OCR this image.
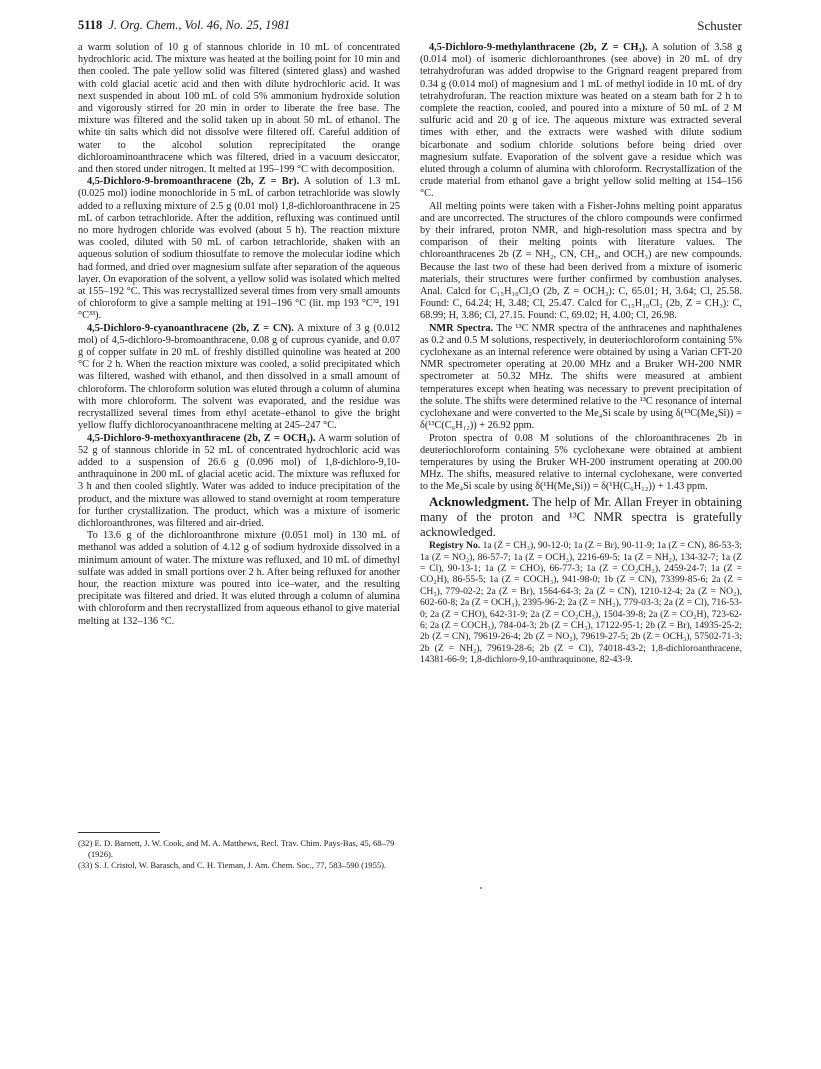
5118 J. Org. Chem., Vol. 46, No. 25, 1981	Schuster

a warm solution of 10 g of stannous chloride in 10 mL of concentrated hydrochloric acid. The mixture was heated at the boiling point for 10 min and then cooled. The pale yellow solid was filtered (sintered glass) and washed with cold glacial acetic acid and then with dilute hydrochloric acid. It was next suspended in about 100 mL of cold 5% ammonium hydroxide solution and vigorously stirred for 20 min in order to liberate the free base. The mixture was filtered and the solid taken up in about 50 mL of ethanol. The white tin salts which did not dissolve were filtered off. Careful addition of water to the alcohol solution reprecipitated the orange dichloroaminoanthracene which was filtered, dried in a vacuum desiccator, and then stored under nitrogen. It melted at 195–199 °C with decomposition.

4,5-Dichloro-9-bromoanthracene (2b, Z = Br). A solution of 1.3 mL (0.025 mol) iodine monochloride in 5 mL of carbon tetrachloride was slowly added to a refluxing mixture of 2.5 g (0.01 mol) 1,8-dichloroanthracene in 25 mL of carbon tetrachloride. After the addition, refluxing was continued until no more hydrogen chloride was evolved (about 5 h). The reaction mixture was cooled, diluted with 50 mL of carbon tetrachloride, shaken with an aqueous solution of sodium thiosulfate to remove the molecular iodine which had formed, and dried over magnesium sulfate after separation of the aqueous layer. On evaporation of the solvent, a yellow solid was isolated which melted at 155–192 °C. This was recrystallized several times from very small amounts of chloroform to give a sample melting at 191–196 °C (lit. mp 193 °C³², 191 °C³³).

4,5-Dichloro-9-cyanoanthracene (2b, Z = CN). A mixture of 3 g (0.012 mol) of 4,5-dichloro-9-bromoanthracene, 0.08 g of cuprous cyanide, and 0.07 g of copper sulfate in 20 mL of freshly distilled quinoline was heated at 200 °C for 2 h. When the reaction mixture was cooled, a solid precipitated which was filtered, washed with ethanol, and then dissolved in a small amount of chloroform. The chloroform solution was eluted through a column of alumina with more chloroform. The solvent was evaporated, and the residue was recrystallized several times from ethyl acetate–ethanol to give the bright yellow fluffy dichlorocyanoanthracene melting at 245–247 °C.

4,5-Dichloro-9-methoxyanthracene (2b, Z = OCH₃). A warm solution of 52 g of stannous chloride in 52 mL of concentrated hydrochloric acid was added to a suspension of 26.6 g (0.096 mol) of 1,8-dichloro-9,10-anthraquinone in 200 mL of glacial acetic acid. The mixture was refluxed for 3 h and then cooled slightly. Water was added to induce precipitation of the product, and the mixture was allowed to stand overnight at room temperature for further crystallization. The product, which was a mixture of isomeric dichloroanthrones, was filtered and air-dried.

To 13.6 g of the dichloroanthrone mixture (0.051 mol) in 130 mL of methanol was added a solution of 4.12 g of sodium hydroxide dissolved in a minimum amount of water. The mixture was refluxed, and 10 mL of dimethyl sulfate was added in small portions over 2 h. After being refluxed for another hour, the reaction mixture was poured into ice–water, and the resulting precipitate was filtered and dried. It was eluted through a column of alumina with chloroform and then recrystallized from aqueous ethanol to give material melting at 132–136 °C.

(32) E. D. Barnett, J. W. Cook, and M. A. Matthews, Recl. Trav. Chim. Pays-Bas, 45, 68–79 (1926).

(33) S. J. Cristol, W. Barasch, and C. H. Tieman, J. Am. Chem. Soc., 77, 583–590 (1955).

4,5-Dichloro-9-methylanthracene (2b, Z = CH₃). A solution of 3.58 g (0.014 mol) of isomeric dichloroanthrones (see above) in 20 mL of dry tetrahydrofuran was added dropwise to the Grignard reagent prepared from 0.34 g (0.014 mol) of magnesium and 1 mL of methyl iodide in 10 mL of dry tetrahydrofuran. The reaction mixture was heated on a steam bath for 2 h to complete the reaction, cooled, and poured into a mixture of 50 mL of 2 M sulfuric acid and 20 g of ice. The aqueous mixture was extracted several times with ether, and the extracts were washed with dilute sodium bicarbonate and sodium chloride solutions before being dried over magnesium sulfate. Evaporation of the solvent gave a residue which was eluted through a column of alumina with chloroform. Recrystallization of the crude material from ethanol gave a bright yellow solid melting at 154–156 °C.

All melting points were taken with a Fisher-Johns melting point apparatus and are uncorrected. The structures of the chloro compounds were confirmed by their infrared, proton NMR, and high-resolution mass spectra and by comparison of their melting points with literature values. The chloroanthracenes 2b (Z = NH₂, CN, CH₃, and OCH₃) are new compounds. Because the last two of these had been derived from a mixture of isomeric materials, their structures were further confirmed by combustion analyses. Anal. Calcd for C₁₅H₁₀Cl₂O (2b, Z = OCH₃): C, 65.01; H, 3.64; Cl, 25.58. Found: C, 64.24; H, 3.48; Cl, 25.47. Calcd for C₁₅H₁₀Cl₂ (2b, Z = CH₃): C, 68.99; H, 3.86; Cl, 27.15. Found: C, 69.02; H, 4.00; Cl, 26.98.

NMR Spectra. The ¹³C NMR spectra of the anthracenes and naphthalenes as 0.2 and 0.5 M solutions, respectively, in deuteriochloroform containing 5% cyclohexane as an internal reference were obtained by using a Varian CFT-20 NMR spectrometer operating at 20.00 MHz and a Bruker WH-200 NMR spectrometer at 50.32 MHz. The shifts were measured at ambient temperatures except when heating was necessary to prevent precipitation of the solute. The shifts were determined relative to the ¹³C resonance of internal cyclohexane and were converted to the Me₄Si scale by using δ(¹³C(Me₄Si)) = δ(¹³C(C₆H₁₂)) + 26.92 ppm.

Proton spectra of 0.08 M solutions of the chloroanthracenes 2b in deuteriochloroform containing 5% cyclohexane were obtained at ambient temperatures by using the Bruker WH-200 instrument operating at 200.00 MHz. The shifts, measured relative to internal cyclohexane, were converted to the Me₄Si scale by using δ(¹H(Me₄Si)) = δ(¹H(C₆H₁₂)) + 1.43 ppm.

Acknowledgment. The help of Mr. Allan Freyer in obtaining many of the proton and ¹³C NMR spectra is gratefully acknowledged.

Registry No. 1a (Z = CH₃), 90-12-0; 1a (Z = Br), 90-11-9; 1a (Z = CN), 86-53-3; 1a (Z = NO₂), 86-57-7; 1a (Z = OCH₃), 2216-69-5; 1a (Z = NH₂), 134-32-7; 1a (Z = Cl), 90-13-1; 1a (Z = CHO), 66-77-3; 1a (Z = CO₂CH₃), 2459-24-7; 1a (Z = CO₂H), 86-55-5; 1a (Z = COCH₃), 941-98-0; 1b (Z = CN), 73399-85-6; 2a (Z = CH₃), 779-02-2; 2a (Z = Br), 1564-64-3; 2a (Z = CN), 1210-12-4; 2a (Z = NO₂), 602-60-8; 2a (Z = OCH₃), 2395-96-2; 2a (Z = NH₂), 779-03-3; 2a (Z = Cl), 716-53-0; 2a (Z = CHO), 642-31-9; 2a (Z = CO₂CH₃), 1504-39-8; 2a (Z = CO₂H), 723-62-6; 2a (Z = COCH₃), 784-04-3; 2b (Z = CH₃), 17122-95-1; 2b (Z = Br), 14935-25-2; 2b (Z = CN), 79619-26-4; 2b (Z = NO₂), 79619-27-5; 2b (Z = OCH₃), 57502-71-3; 2b (Z = NH₂), 79619-28-6; 2b (Z = Cl), 74018-43-2; 1,8-dichloroanthracene, 14381-66-9; 1,8-dichloro-9,10-anthraquinone, 82-43-9.
